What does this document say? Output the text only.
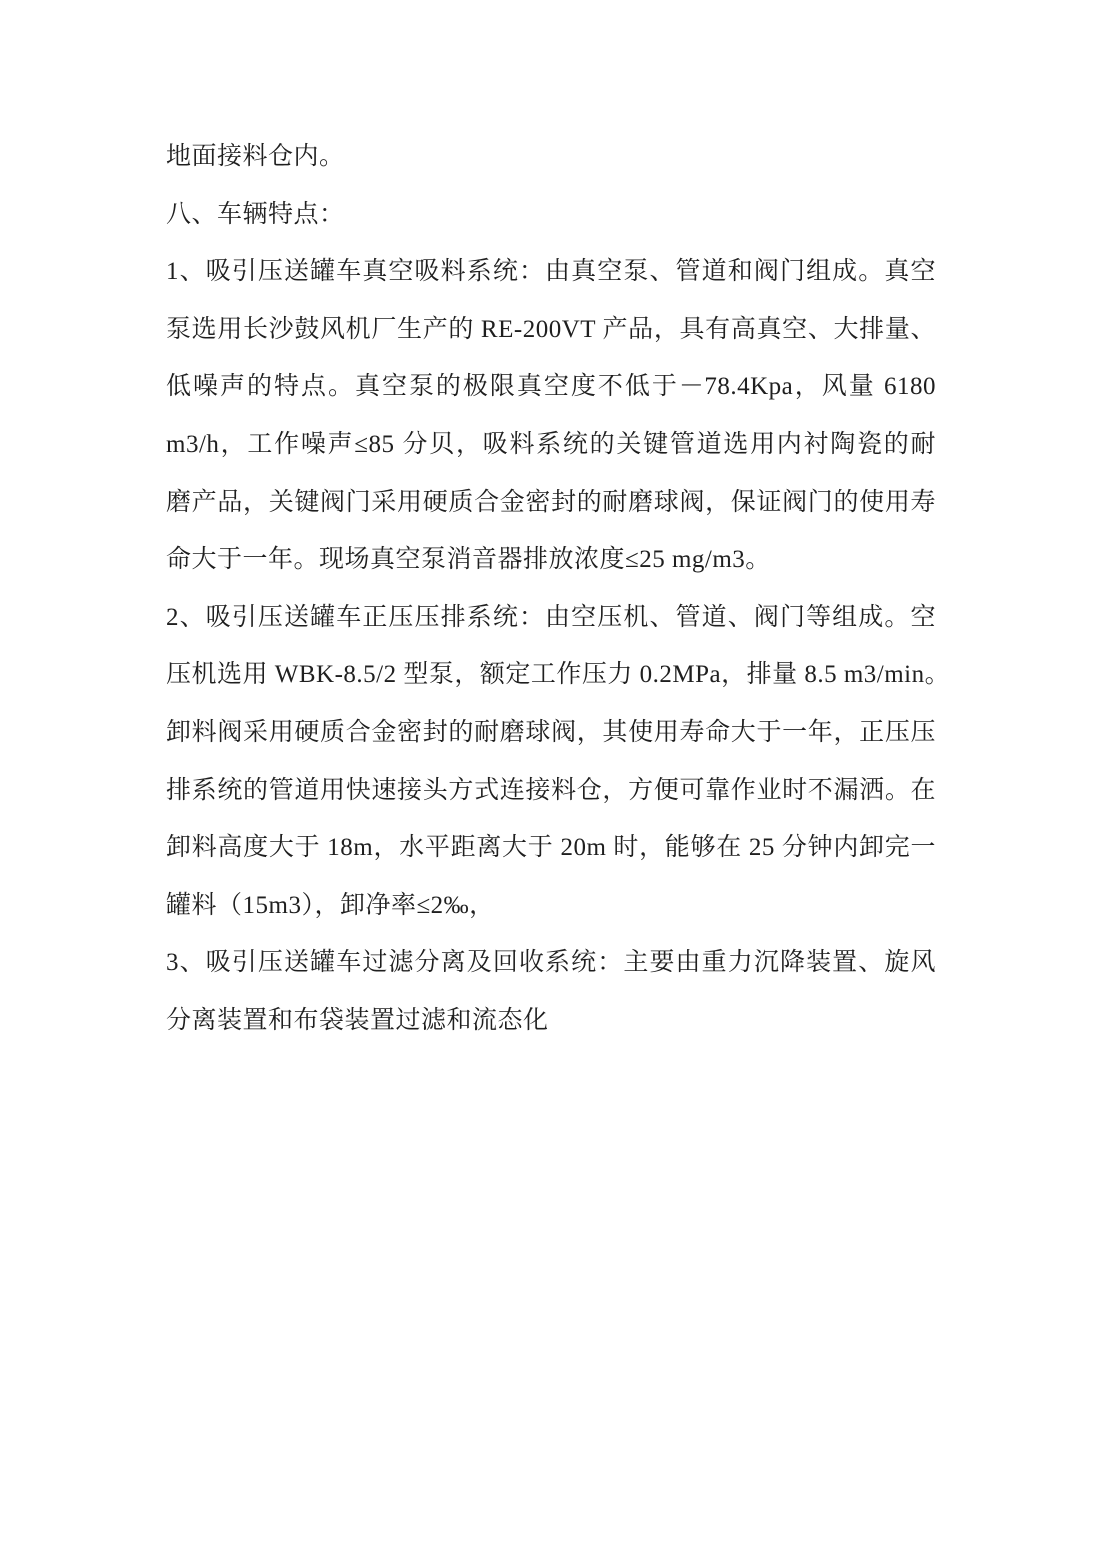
地面接料仓内。
八、车辆特点：
1、吸引压送罐车真空吸料系统：由真空泵、管道和阀门组成。真空
泵选用长沙鼓风机厂生产的 RE-200VT 产品，具有高真空、大排量、
低噪声的特点。真空泵的极限真空度不低于－78.4Kpa，风量 6180
m3/h，工作噪声≤85 分贝，吸料系统的关键管道选用内衬陶瓷的耐
磨产品，关键阀门采用硬质合金密封的耐磨球阀，保证阀门的使用寿
命大于一年。现场真空泵消音器排放浓度≤25 mg/m3。
2、吸引压送罐车正压压排系统：由空压机、管道、阀门等组成。空
压机选用 WBK-8.5/2 型泵，额定工作压力 0.2MPa，排量 8.5 m3/min。
卸料阀采用硬质合金密封的耐磨球阀，其使用寿命大于一年，正压压
排系统的管道用快速接头方式连接料仓，方便可靠作业时不漏洒。在
卸料高度大于 18m，水平距离大于 20m 时，能够在 25 分钟内卸完一
罐料（15m3），卸净率≤2‰，
3、吸引压送罐车过滤分离及回收系统：主要由重力沉降装置、旋风
分离装置和布袋装置过滤和流态化
